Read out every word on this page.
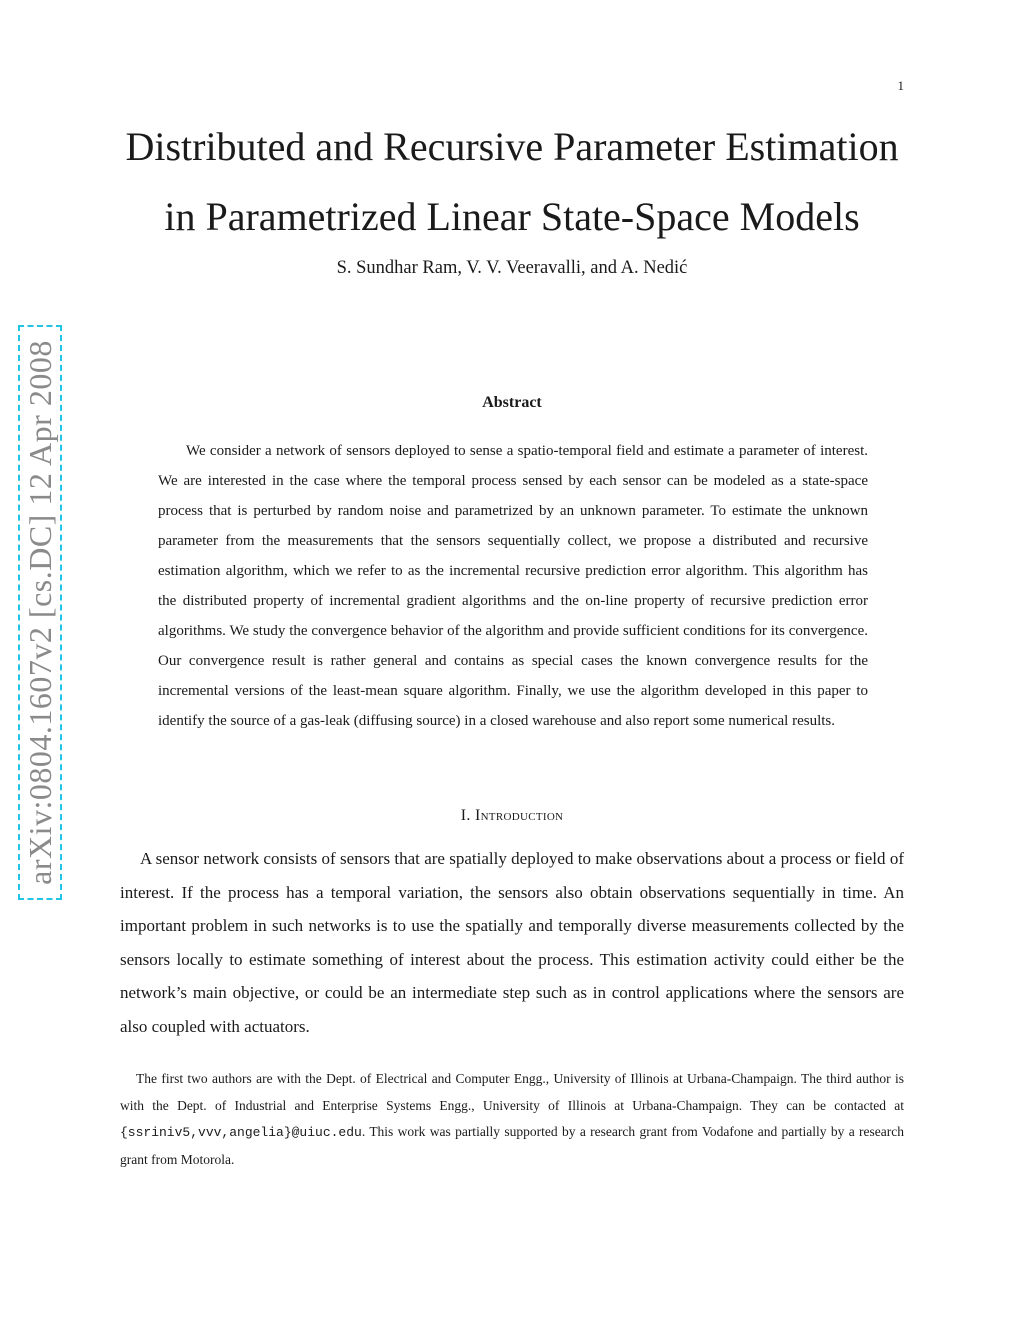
1
Distributed and Recursive Parameter Estimation
in Parametrized Linear State-Space Models
S. Sundhar Ram, V. V. Veeravalli, and A. Nedić
arXiv:0804.1607v2 [cs.DC] 12 Apr 2008	Abstract

We consider a network of sensors deployed to sense a spatio-temporal field and estimate a parameter of interest. We are interested in the case where the temporal process sensed by each sensor can be modeled as a state-space process that is perturbed by random noise and parametrized by an unknown parameter. To estimate the unknown parameter from the measurements that the sensors sequentially collect, we propose a distributed and recursive estimation algorithm, which we refer to as the incremental recursive prediction error algorithm. This algorithm has the distributed property of incremental gradient algorithms and the on-line property of recursive prediction error algorithms. We study the convergence behavior of the algorithm and provide sufficient conditions for its convergence. Our convergence result is rather general and contains as special cases the known convergence results for the incremental versions of the least-mean square algorithm. Finally, we use the algorithm developed in this paper to identify the source of a gas-leak (diffusing source) in a closed warehouse and also report some numerical results.

I. Introduction

A sensor network consists of sensors that are spatially deployed to make observations about a process or field of interest. If the process has a temporal variation, the sensors also obtain observations sequentially in time. An important problem in such networks is to use the spatially and temporally diverse measurements collected by the sensors locally to estimate something of interest about the process. This estimation activity could either be the network’s main objective, or could be an intermediate step such as in control applications where the sensors are also coupled with actuators.

The first two authors are with the Dept. of Electrical and Computer Engg., University of Illinois at Urbana-Champaign. The third author is with the Dept. of Industrial and Enterprise Systems Engg., University of Illinois at Urbana-Champaign. They can be contacted at {ssriniv5,vvv,angelia}@uiuc.edu. This work was partially supported by a research grant from Vodafone and partially by a research grant from Motorola.
